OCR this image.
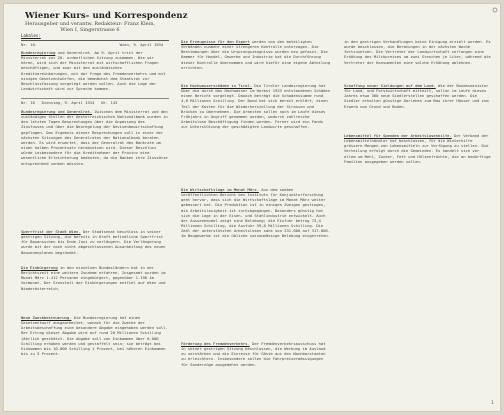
Wiener Kurs- und Korrespondenz
Herausgeber und verantw. Redakteur: Franz Klein,
Wien I, Singerstrasse 6
Lokales:
Nr. 10.                                    Wien, 9. April 1934
Bundesregierung und Generalrat. Am 9. April tritt der Ministerrat zur 20. ordentlichen Sitzung zusammen. Wie wir hören, wird sich der Ministerrat mit wirtschaftlichen Fragen beschäftigen, und zwar mit den ausländischen Kreditvereinbarungen, mit der Frage des Fremdenverkehrs und mit einigen Gesetzentwürfen, die demnächst dem Staatsrat zur Beschlussfassung vorgelegt werden sollen. Auch die Lage der Landwirtschaft wird zur Sprache kommen.
Nr. 10   Dienstag, 9. April 1934   Nr. 143
Bundesregierung und Generalrat. Zwischen dem Ministerrat und den zuständigen Stellen der Oesterreichischen Nationalbank wurden in den letzten Tagen Besprechungen über die Anpassung des Zinsfusses und über die Neuregelung der Devisenbewirtschaftung gepflogen. Das Ergebnis dieser Besprechungen soll in einer der nächsten Sitzungen des Generalrates der Nationalbank beraten werden. Es wird erwartet, dass der Generalrat den Bankrate um einen halben Prozentsatz herabsetzen wird. Dieser Beschluss würde insbesondere für die Kreditnehmer der Provinz eine wesentliche Erleichterung bedeuten, da die Banken ihre Zinssätze entsprechend senken müssten.
Sperrfrist der Stadt Wien. Der Stadtsenat beschloss in seiner gestrigen Sitzung, die bereits in Kraft befindliche Sperrfrist für Bauansuchen bis Ende Juni zu verlängern. Die Verlängerung wurde mit der noch nicht abgeschlossenen Ausarbeitung des neuen Bauzonenplanes begründet.
Die Einbürgerung in den einzelnen Bundesländern hat in der Berichtszeit eine weitere Zunahme erfahren. Insgesamt wurden im Monat März 1.412 Personen eingebürgert, gegenüber 1.190 im Vormonat. Der Grossteil der Einbürgerungen entfiel auf Wien und Niederösterreich.
Neue Zweckbesteuerung. Die Bundesregierung hat einen Gesetzentwurf ausgearbeitet, wonach für die Zwecke der Arbeitsbeschaffung eine besondere Abgabe eingehoben werden soll. Der Ertrag dieser Abgabe wird auf rund 20 Millionen Schilling jährlich geschätzt. Die Abgabe soll von Einkommen über 6.000 Schilling erhoben werden und gestaffelt sein; sie beträgt bei Einkommen bis 10.000 Schilling 1 Prozent, bei höheren Einkommen bis zu 3 Prozent.
Die Erzeugnisse für den Export werden von den beteiligten Verbänden nunmehr einer strengeren Kontrolle unterzogen. Die Bestimmungen über die Ursprungszeugnisse wurden neu gefasst. Die Kammer für Handel, Gewerbe und Industrie hat die Durchführung dieser Kontrolle übernommen und wird hiefür eine eigene Abteilung errichten.
Die Hochwasserschäden in Tirol. Die Tiroler Landesregierung hat über die durch das Hochwasser im Herbst 1933 entstandenen Schäden einen Bericht vorgelegt. Danach beträgt die Schadenssumme rund 4,8 Millionen Schilling. Der Bund hat sich bereit erklärt, einen Teil der Kosten für die Wiederherstellung der Strassen und Brücken zu übernehmen. Die Arbeiten sollen noch im Laufe dieses Frühjahrs in Angriff genommen werden, wodurch zahlreiche Arbeitslose Beschäftigung finden werden. Ferner wird ein Fonds zur Unterstützung der geschädigten Landwirte geschaffen.
Die Wirtschaftslage im Monat März. Aus dem soeben veröffentlichten Bericht des Instituts für Konjunkturforschung geht hervor, dass sich die Wirtschaftslage im Monat März weiter gebessert hat. Die Produktion ist in einigen Zweigen gestiegen, die Arbeitslosigkeit ist zurückgegangen. Besonders günstig hat sich die Lage in der Eisen- und Stahlindustrie entwickelt. Auch der Aussenhandel zeigt eine Belebung; die Einfuhr betrug 73,4 Millionen Schilling, die Ausfuhr 59,8 Millionen Schilling. Die Zahl der unterstützten Arbeitslosen sank von 331.000 auf 317.000. Im Baugewerbe ist die übliche saisonmässige Belebung eingetreten.
Förderung des Fremdenverkehrs. Der Fremdenverkehrsausschuss hat in seiner gestrigen Sitzung beschlossen, die Werbung im Ausland zu verstärken und die Einreise für Gäste aus den Nachbarstaaten zu erleichtern. Insbesondere sollen die Fahrpreisermässigungen für Sonderzüge ausgedehnt werden.
in den gestrigen Verhandlungen keine Einigung erzielt werden. Es wurde beschlossen, die Beratungen in der nächsten Woche fortzusetzen. Die Vertreter der Landwirtschaft verlangen eine Erhöhung des Milchpreises um zwei Groschen je Liter, während die Vertreter der Konsumenten eine solche Erhöhung ablehnen.
Schaffung neuer Sieldungen auf dem Land. Wie der Bundesminister für Land- und Forstwirtschaft mitteilt, sollen im Laufe dieses Jahres etwa 300 neue Siedlerstellen geschaffen werden. Die Siedler erhalten günstige Darlehen zum Bau ihrer Häuser und zum Erwerb von Grund und Boden.
Lebensmittel für Spenden der Arbeitslosenhilfe. Der Verband der Lebensmittelhändler hat beschlossen, für die Winterhilfe grössere Mengen von Lebensmitteln zur Verfügung zu stellen. Die Verteilung erfolgt durch die Gemeinden. Es handelt sich vor allem um Mehl, Zucker, Fett und Hülsenfrüchte, die an bedürftige Familien ausgegeben werden sollen.
1
